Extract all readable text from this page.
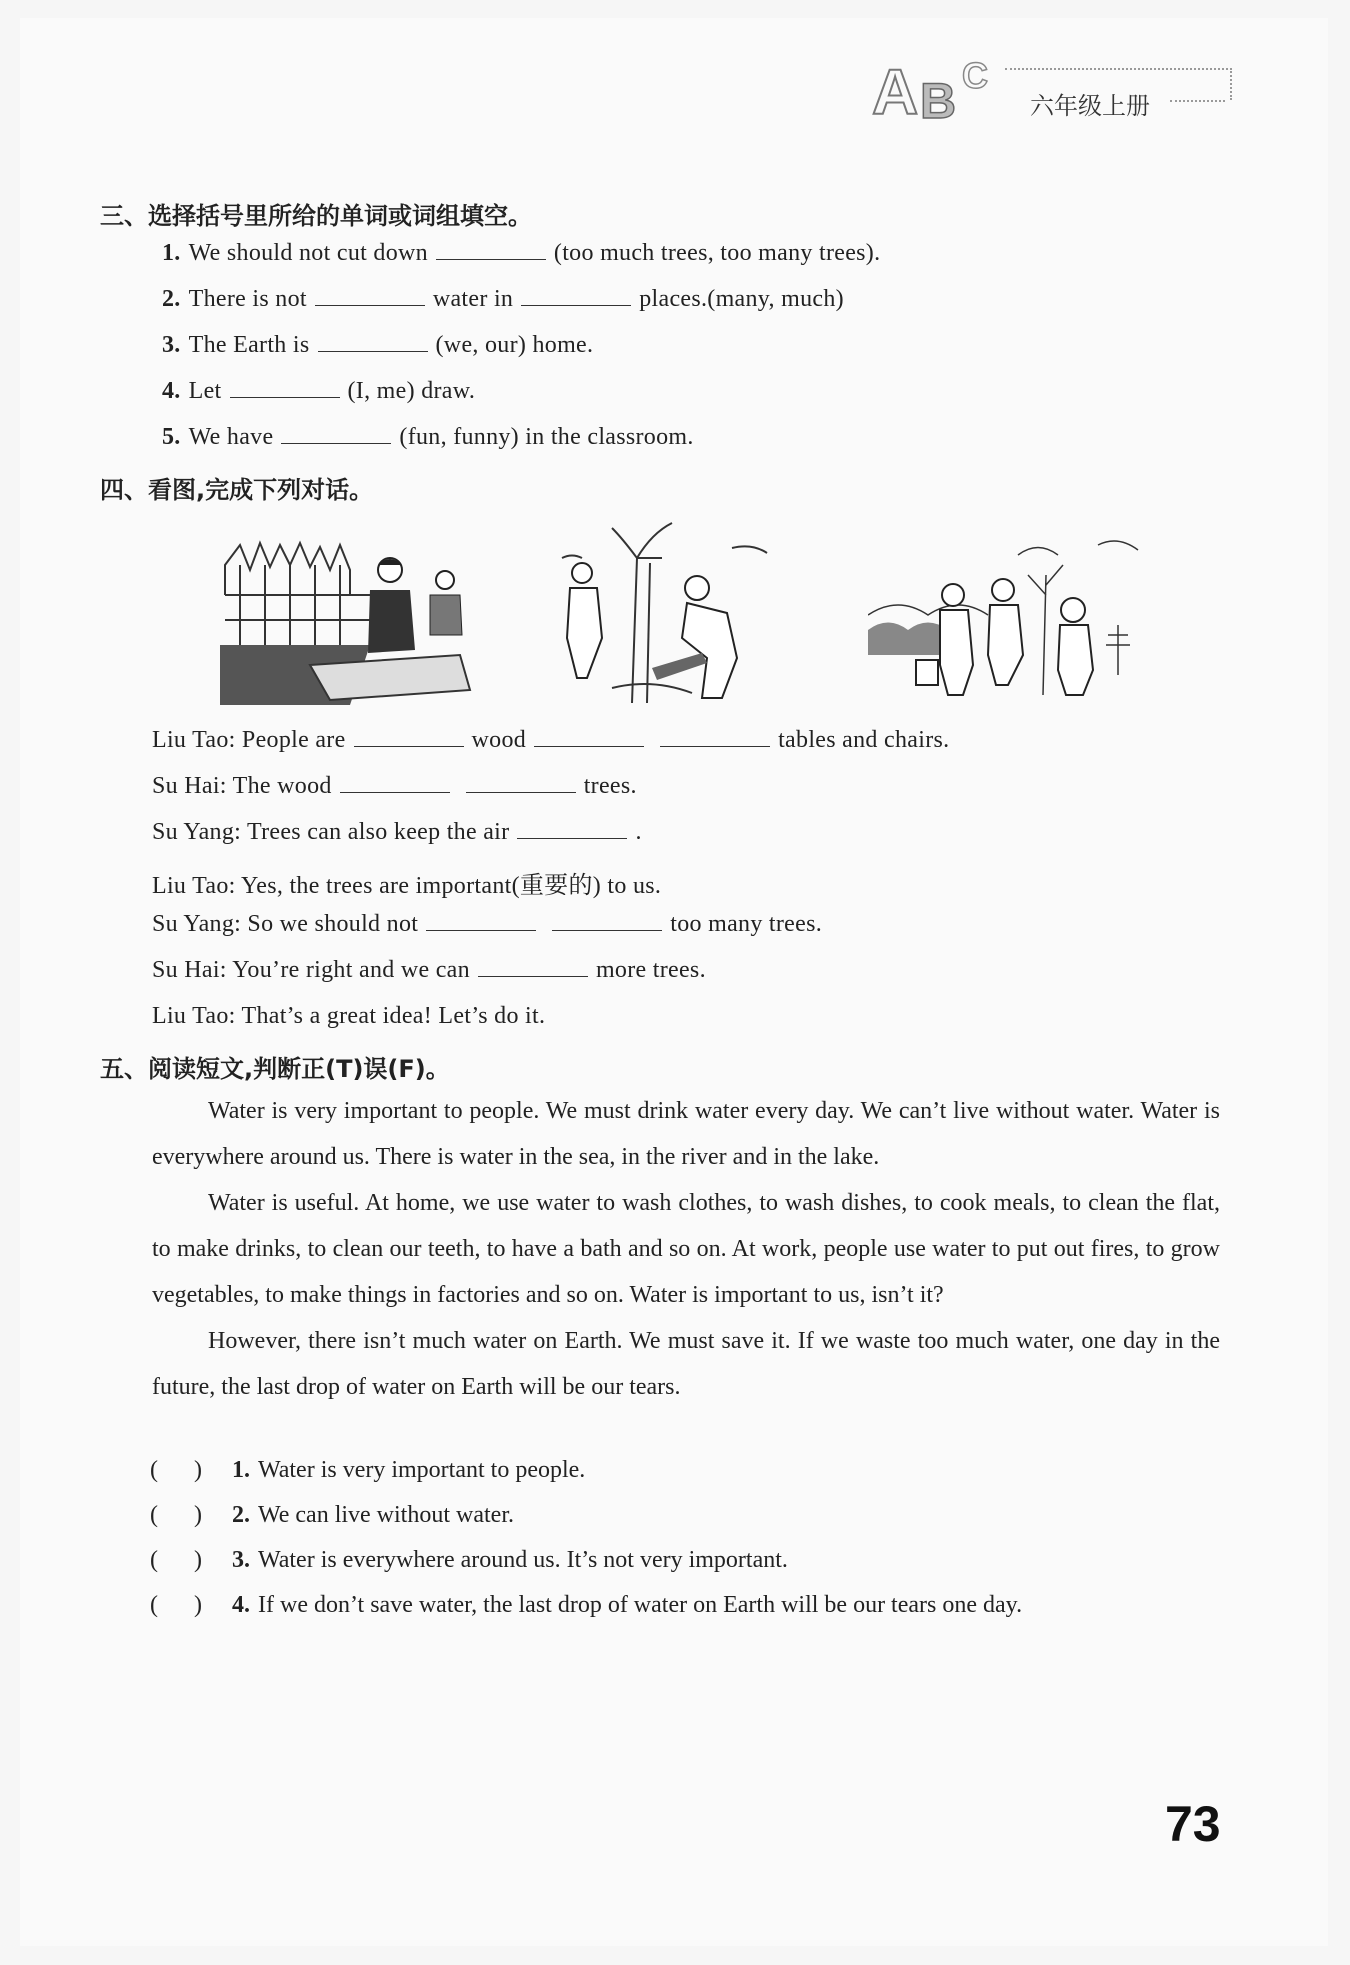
A B C
六年级上册
三、选择括号里所给的单词或词组填空。
1. We should not cut down	(too much trees, too many trees).
2. There is not	water in	places.(many, much)
3. The Earth is	(we, our) home.
4. Let	(I, me) draw.
5. We have	(fun, funny) in the classroom.
四、看图,完成下列对话。
Liu Tao: People are	wood	tables and chairs.
Su Hai: The wood	trees.
Su Yang: Trees can also keep the air	.
Liu Tao: Yes, the trees are important(重要的) to us.
Su Yang: So we should not	too many trees.
Su Hai: You’re right and we can	more trees.
Liu Tao: That’s a great idea! Let’s do it.
五、阅读短文,判断正(T)误(F)。

Water is very important to people. We must drink water every day. We can’t live without water. Water is everywhere around us. There is water in the sea, in the river and in the lake.

Water is useful. At home, we use water to wash clothes, to wash dishes, to cook meals, to clean the flat, to make drinks, to clean our teeth, to have a bath and so on. At work, people use water to put out fires, to grow vegetables, to make things in factories and so on. Water is important to us, isn’t it?

However, there isn’t much water on Earth. We must save it. If we waste too much water, one day in the future, the last drop of water on Earth will be our tears.

(      ) 1. Water is very important to people.
(      ) 2. We can live without water.
(      ) 3. Water is everywhere around us. It’s not very important.
(      ) 4. If we don’t save water, the last drop of water on Earth will be our tears one day.
73
